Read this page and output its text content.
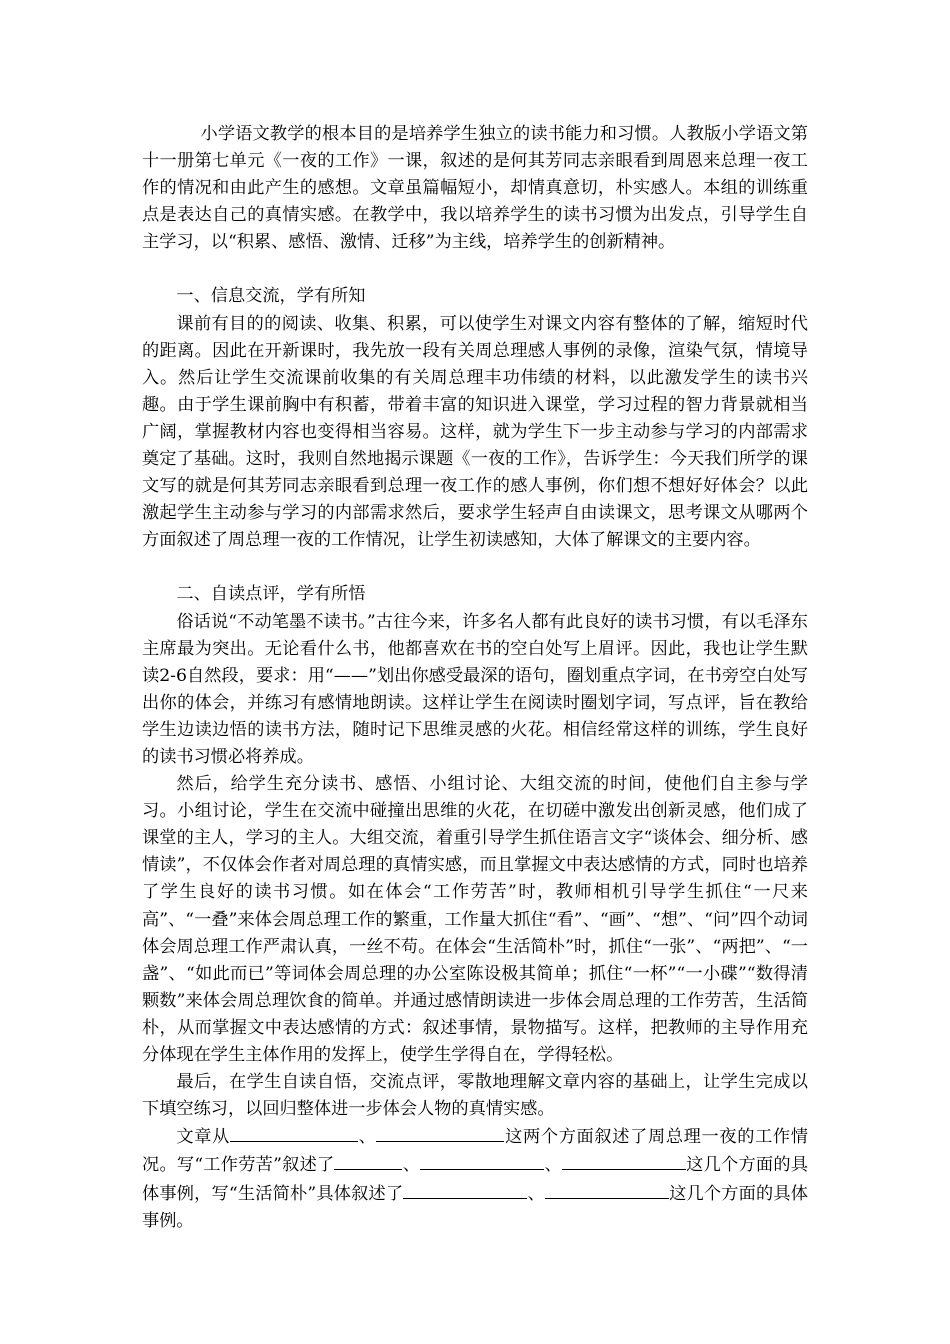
小学语文教学的根本目的是培养学生独立的读书能力和习惯。人教版小学语文第十一册第七单元《一夜的工作》一课，叙述的是何其芳同志亲眼看到周恩来总理一夜工作的情况和由此产生的感想。文章虽篇幅短小，却情真意切，朴实感人。本组的训练重点是表达自己的真情实感。在教学中，我以培养学生的读书习惯为出发点，引导学生自主学习，以“积累、感悟、激情、迁移”为主线，培养学生的创新精神。

一、信息交流，学有所知

课前有目的的阅读、收集、积累，可以使学生对课文内容有整体的了解，缩短时代的距离。因此在开新课时，我先放一段有关周总理感人事例的录像，渲染气氛，情境导入。然后让学生交流课前收集的有关周总理丰功伟绩的材料，以此激发学生的读书兴趣。由于学生课前胸中有积蓄，带着丰富的知识进入课堂，学习过程的智力背景就相当广阔，掌握教材内容也变得相当容易。这样，就为学生下一步主动参与学习的内部需求奠定了基础。这时，我则自然地揭示课题《一夜的工作》，告诉学生：今天我们所学的课文写的就是何其芳同志亲眼看到总理一夜工作的感人事例，你们想不想好好体会？以此激起学生主动参与学习的内部需求然后，要求学生轻声自由读课文，思考课文从哪两个方面叙述了周总理一夜的工作情况，让学生初读感知，大体了解课文的主要内容。

二、自读点评，学有所悟

俗话说“不动笔墨不读书。”古往今来，许多名人都有此良好的读书习惯，有以毛泽东主席最为突出。无论看什么书，他都喜欢在书的空白处写上眉评。因此，我也让学生默读2-6自然段，要求：用“——”划出你感受最深的语句，圈划重点字词，在书旁空白处写出你的体会，并练习有感情地朗读。这样让学生在阅读时圈划字词，写点评，旨在教给学生边读边悟的读书方法，随时记下思维灵感的火花。相信经常这样的训练，学生良好的读书习惯必将养成。

然后，给学生充分读书、感悟、小组讨论、大组交流的时间，使他们自主参与学习。小组讨论，学生在交流中碰撞出思维的火花，在切磋中激发出创新灵感，他们成了课堂的主人，学习的主人。大组交流，着重引导学生抓住语言文字“谈体会、细分析、感情读”，不仅体会作者对周总理的真情实感，而且掌握文中表达感情的方式，同时也培养了学生良好的读书习惯。如在体会“工作劳苦”时，教师相机引导学生抓住“一尺来高”、“一叠”来体会周总理工作的繁重，工作量大抓住“看”、“画”、“想”、“问”四个动词体会周总理工作严肃认真，一丝不苟。在体会“生活简朴”时，抓住“一张”、“两把”、“一盏”、“如此而已”等词体会周总理的办公室陈设极其简单；抓住“一杯”“一小碟”“数得清颗数”来体会周总理饮食的简单。并通过感情朗读进一步体会周总理的工作劳苦，生活简朴，从而掌握文中表达感情的方式：叙述事情，景物描写。这样，把教师的主导作用充分体现在学生主体作用的发挥上，使学生学得自在，学得轻松。

最后，在学生自读自悟，交流点评，零散地理解文章内容的基础上，让学生完成以下填空练习，以回归整体进一步体会人物的真情实感。

文章从	、	这两个方面叙述了周总理一夜的工作情况。写“工作劳苦”叙述了	、	、	这几个方面的具体事例，写“生活简朴”具体叙述了	、	这几个方面的具体事例。
